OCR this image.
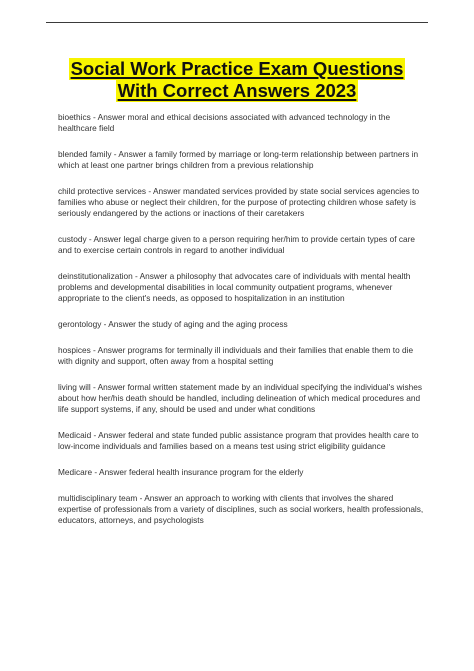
Social Work Practice Exam Questions
With Correct Answers 2023

bioethics - Answer moral and ethical decisions associated with advanced technology in the healthcare field

blended family - Answer a family formed by marriage or long-term relationship between partners in which at least one partner brings children from a previous relationship

child protective services - Answer mandated services provided by state social services agencies to families who abuse or neglect their children, for the purpose of protecting children whose safety is seriously endangered by the actions or inactions of their caretakers

custody - Answer legal charge given to a person requiring her/him to provide certain types of care and to exercise certain controls in regard to another individual

deinstitutionalization - Answer a philosophy that advocates care of individuals with mental health problems and developmental disabilities in local community outpatient programs, whenever appropriate to the client's needs, as opposed to hospitalization in an institution

gerontology - Answer the study of aging and the aging process

hospices - Answer programs for terminally ill individuals and their families that enable them to die with dignity and support, often away from a hospital setting

living will - Answer formal written statement made by an individual specifying the individual's wishes about how her/his death should be handled, including delineation of which medical procedures and life support systems, if any, should be used and under what conditions

Medicaid - Answer federal and state funded public assistance program that provides health care to low-income individuals and families based on a means test using strict eligibility guidance

Medicare - Answer federal health insurance program for the elderly

multidisciplinary team - Answer an approach to working with clients that involves the shared expertise of professionals from a variety of disciplines, such as social workers, health professionals, educators, attorneys, and psychologists
